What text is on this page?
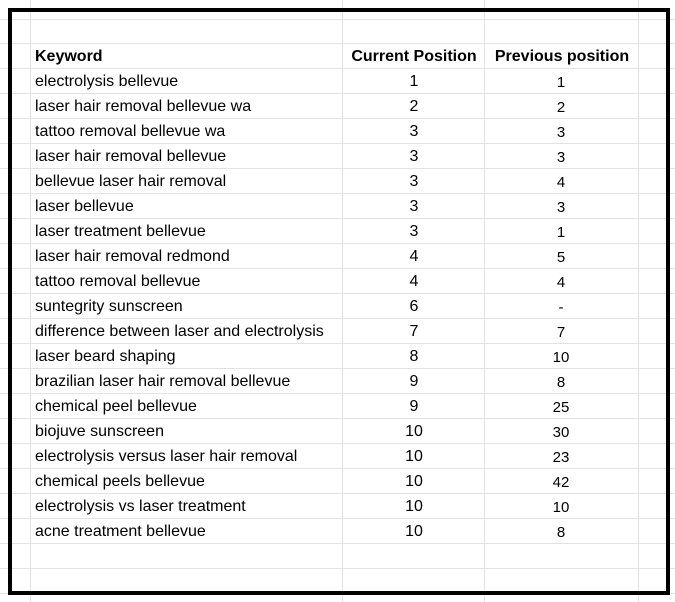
Keyword	Current Position	Previous position
electrolysis bellevue	1	1
laser hair removal bellevue wa	2	2
tattoo removal bellevue wa	3	3
laser hair removal bellevue	3	3
bellevue laser hair removal	3	4
laser bellevue	3	3
laser treatment bellevue	3	1
laser hair removal redmond	4	5
tattoo removal bellevue	4	4
suntegrity sunscreen	6	-
difference between laser and electrolysis	7	7
laser beard shaping	8	10
brazilian laser hair removal bellevue	9	8
chemical peel bellevue	9	25
biojuve sunscreen	10	30
electrolysis versus laser hair removal	10	23
chemical peels bellevue	10	42
electrolysis vs laser treatment	10	10
acne treatment bellevue	10	8
